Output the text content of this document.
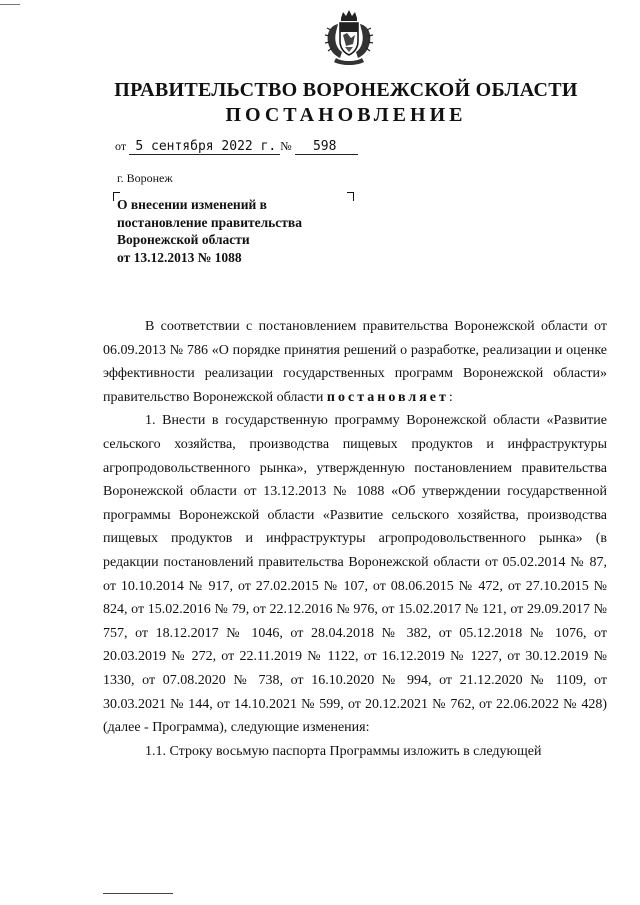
ПРАВИТЕЛЬСТВО ВОРОНЕЖСКОЙ ОБЛАСТИ
ПОСТАНОВЛЕНИЕ
от 5 сентября 2022 г. № 598
г. Воронеж
О внесении изменений в
постановление правительства
Воронежской области
от 13.12.2013 № 1088

В соответствии с постановлением правительства Воронежской области от 06.09.2013 № 786 «О порядке принятия решений о разработке, реализации и оценке эффективности реализации государственных программ Воронежской области» правительство Воронежской области постановляет:

1. Внести в государственную программу Воронежской области «Развитие сельского хозяйства, производства пищевых продуктов и инфраструктуры агропродовольственного рынка», утвержденную постановлением правительства Воронежской области от 13.12.2013 № 1088 «Об утверждении государственной программы Воронежской области «Развитие сельского хозяйства, производства пищевых продуктов и инфраструктуры агропродовольственного рынка» (в редакции постановлений правительства Воронежской области от 05.02.2014 № 87, от 10.10.2014 № 917, от 27.02.2015 № 107, от 08.06.2015 № 472, от 27.10.2015 № 824, от 15.02.2016 № 79, от 22.12.2016 № 976, от 15.02.2017 № 121, от 29.09.2017 № 757, от 18.12.2017 № 1046, от 28.04.2018 № 382, от 05.12.2018 № 1076, от 20.03.2019 № 272, от 22.11.2019 № 1122, от 16.12.2019 № 1227, от 30.12.2019 № 1330, от 07.08.2020 № 738, от 16.10.2020 № 994, от 21.12.2020 № 1109, от 30.03.2021 № 144, от 14.10.2021 № 599, от 20.12.2021 № 762, от 22.06.2022 № 428) (далее - Программа), следующие изменения:

1.1. Строку восьмую паспорта Программы изложить в следующей
